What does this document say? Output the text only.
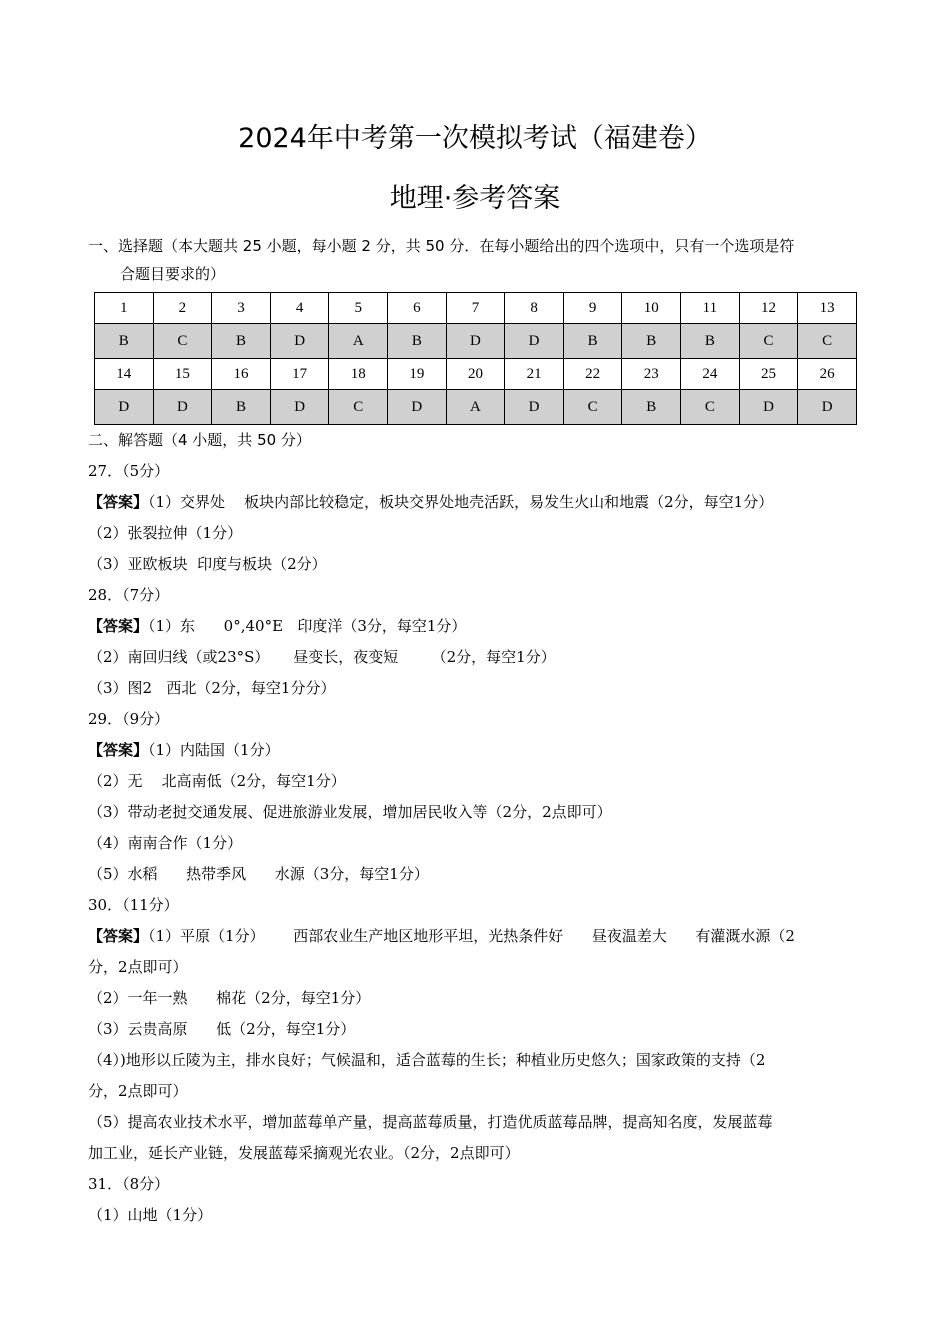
2024年中考第一次模拟考试（福建卷）
地理·参考答案
一、选择题（本大题共 25 小题，每小题 2 分，共 50 分．在每小题给出的四个选项中，只有一个选项是符
合题目要求的）
1	2	3	4	5	6	7	8	9	10	11	12	13
B	C	B	D	A	B	D	D	B	B	B	C	C
14	15	16	17	18	19	20	21	22	23	24	25	26
D	D	B	D	C	D	A	D	C	B	C	D	D
二、解答题（4 小题，共 50 分）

27．（5分）

【答案】（1）交界处    板块内部比较稳定，板块交界处地壳活跃，易发生火山和地震（2分，每空1分）

（2）张裂拉伸（1分）

（3）亚欧板块  印度与板块（2分）

28．（7分）

【答案】（1）东      0°,40°E   印度洋（3分，每空1分）

（2）南回归线（或23°S）     昼变长，夜变短       （2分，每空1分）

（3）图2   西北（2分，每空1分分）

29．（9分）

【答案】（1）内陆国（1分）

（2）无    北高南低（2分，每空1分）

（3）带动老挝交通发展、促进旅游业发展，增加居民收入等（2分，2点即可）

（4）南南合作（1分）

（5）水稻      热带季风      水源（3分，每空1分）

30．（11分）

【答案】（1）平原（1分）      西部农业生产地区地形平坦，光热条件好      昼夜温差大      有灌溉水源（2

分，2点即可）

（2）一年一熟      棉花（2分，每空1分）

（3）云贵高原      低（2分，每空1分）

（4）)地形以丘陵为主，排水良好；气候温和，适合蓝莓的生长；种植业历史悠久；国家政策的支持（2

分，2点即可）

（5）提高农业技术水平，增加蓝莓单产量，提高蓝莓质量，打造优质蓝莓品牌，提高知名度，发展蓝莓

加工业，延长产业链，发展蓝莓采摘观光农业。（2分，2点即可）

31．（8分）

（1）山地（1分）
